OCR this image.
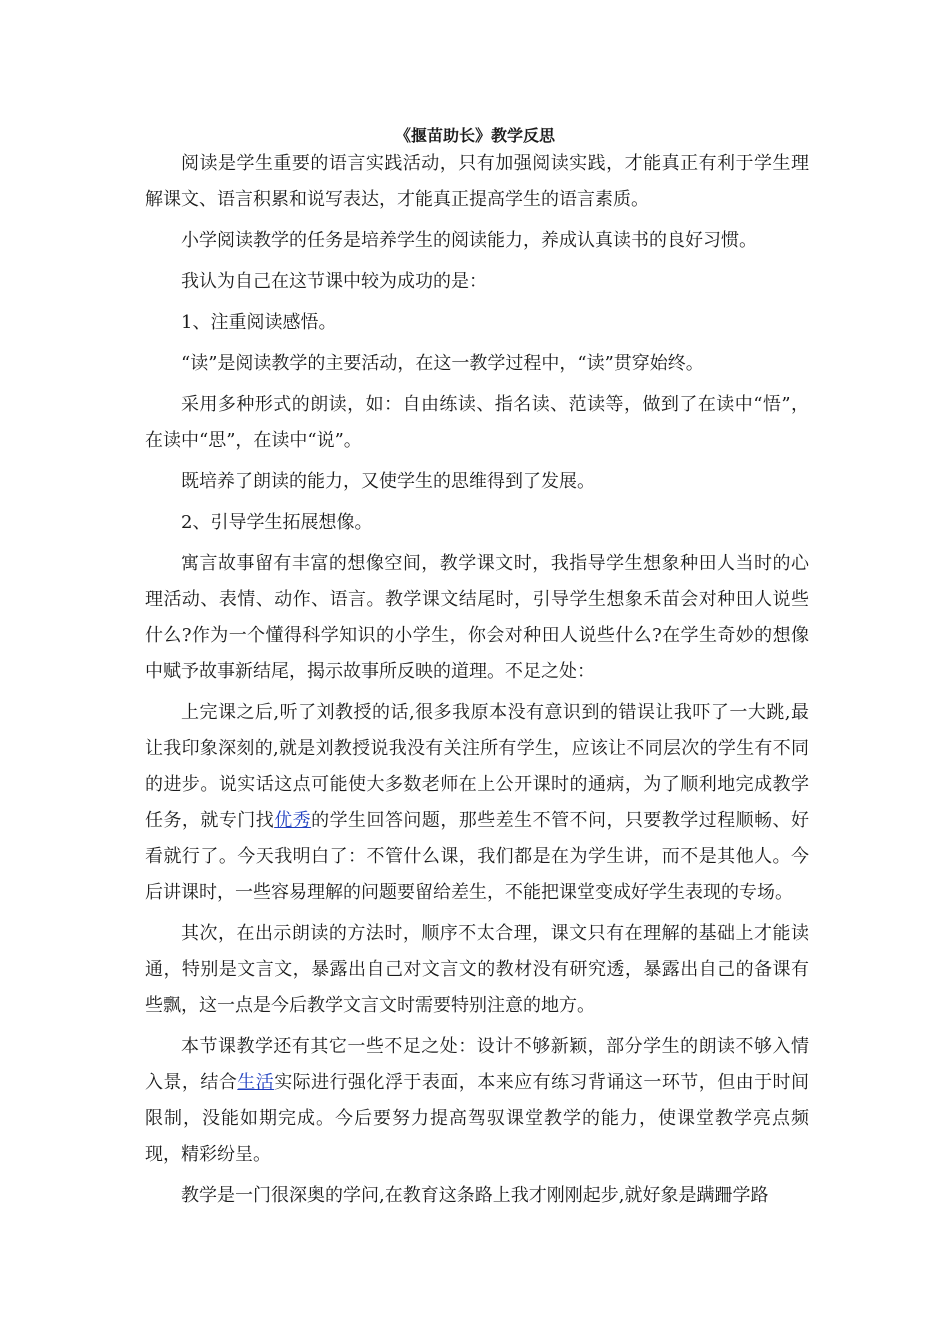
《揠苗助长》教学反思

阅读是学生重要的语言实践活动，只有加强阅读实践，才能真正有利于学生理解课文、语言积累和说写表达，才能真正提高学生的语言素质。

小学阅读教学的任务是培养学生的阅读能力，养成认真读书的良好习惯。

我认为自己在这节课中较为成功的是：

1、注重阅读感悟。

“读”是阅读教学的主要活动，在这一教学过程中，“读”贯穿始终。

采用多种形式的朗读，如：自由练读、指名读、范读等，做到了在读中“悟”，在读中“思”，在读中“说”。

既培养了朗读的能力，又使学生的思维得到了发展。

2、引导学生拓展想像。

寓言故事留有丰富的想像空间，教学课文时，我指导学生想象种田人当时的心理活动、表情、动作、语言。教学课文结尾时，引导学生想象禾苗会对种田人说些什么?作为一个懂得科学知识的小学生，你会对种田人说些什么?在学生奇妙的想像中赋予故事新结尾，揭示故事所反映的道理。不足之处：

上完课之后,听了刘教授的话,很多我原本没有意识到的错误让我吓了一大跳,最让我印象深刻的,就是刘教授说我没有关注所有学生，应该让不同层次的学生有不同的进步。说实话这点可能使大多数老师在上公开课时的通病，为了顺利地完成教学任务，就专门找优秀的学生回答问题，那些差生不管不问，只要教学过程顺畅、好看就行了。今天我明白了：不管什么课，我们都是在为学生讲，而不是其他人。今后讲课时，一些容易理解的问题要留给差生，不能把课堂变成好学生表现的专场。

其次，在出示朗读的方法时，顺序不太合理，课文只有在理解的基础上才能读通，特别是文言文，暴露出自己对文言文的教材没有研究透，暴露出自己的备课有些飘，这一点是今后教学文言文时需要特别注意的地方。

本节课教学还有其它一些不足之处：设计不够新颖，部分学生的朗读不够入情入景，结合生活实际进行强化浮于表面，本来应有练习背诵这一环节，但由于时间限制，没能如期完成。今后要努力提高驾驭课堂教学的能力，使课堂教学亮点频现，精彩纷呈。

教学是一门很深奥的学问,在教育这条路上我才刚刚起步,就好象是蹒跚学路
